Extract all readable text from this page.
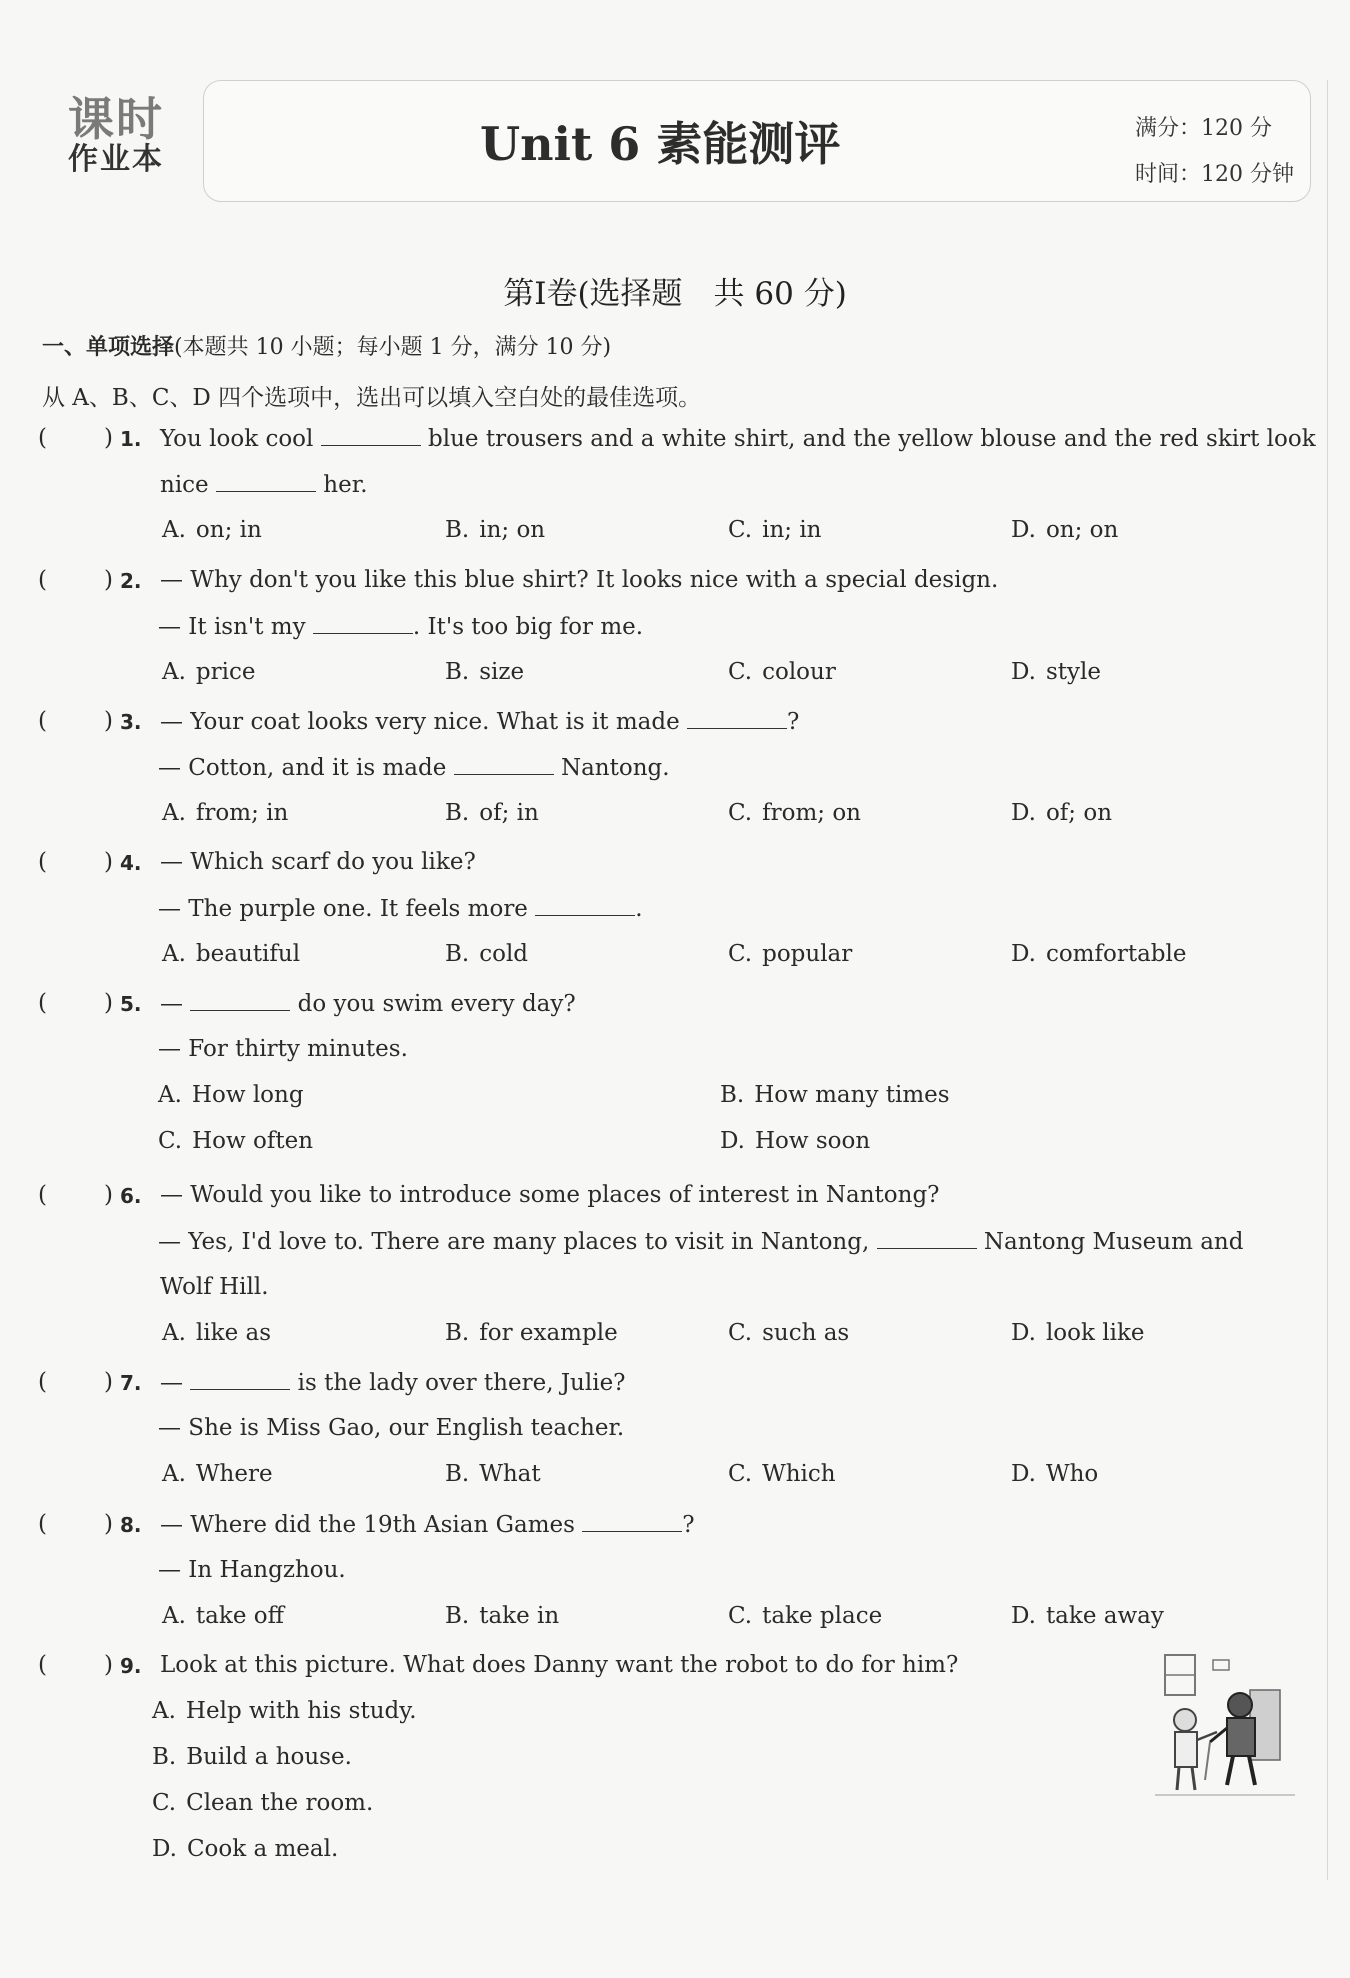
课时
作业本	Unit 6 素能测评	满分：120 分
时间：120 分钟
第Ⅰ卷(选择题　共 60 分)
一、单项选择(本题共 10 小题；每小题 1 分，满分 10 分)
从 A、B、C、D 四个选项中，选出可以填入空白处的最佳选项。
( ) 1. You look cool	blue trousers and a white shirt, and the yellow blouse and the red skirt look
nice	her.
A. on; in	B. in; on	C. in; in	D. on; on
( ) 2. — Why don't you like this blue shirt? It looks nice with a special design.
— It isn't my	. It's too big for me.
A. price	B. size	C. colour	D. style
( ) 3. — Your coat looks very nice. What is it made	?
— Cotton, and it is made	Nantong.
A. from; in	B. of; in	C. from; on	D. of; on
( ) 4. — Which scarf do you like?
— The purple one. It feels more	.
A. beautiful	B. cold	C. popular	D. comfortable
( ) 5. —	do you swim every day?
— For thirty minutes.
A. How long	B. How many times
C. How often	D. How soon
( ) 6. — Would you like to introduce some places of interest in Nantong?
— Yes, I'd love to. There are many places to visit in Nantong,	Nantong Museum and
Wolf Hill.
A. like as	B. for example	C. such as	D. look like
( ) 7. —	is the lady over there, Julie?
— She is Miss Gao, our English teacher.
A. Where	B. What	C. Which	D. Who
( ) 8. — Where did the 19th Asian Games	?
— In Hangzhou.
A. take off	B. take in	C. take place	D. take away
( ) 9. Look at this picture. What does Danny want the robot to do for him?
A. Help with his study.
B. Build a house.
C. Clean the room.
D. Cook a meal.
